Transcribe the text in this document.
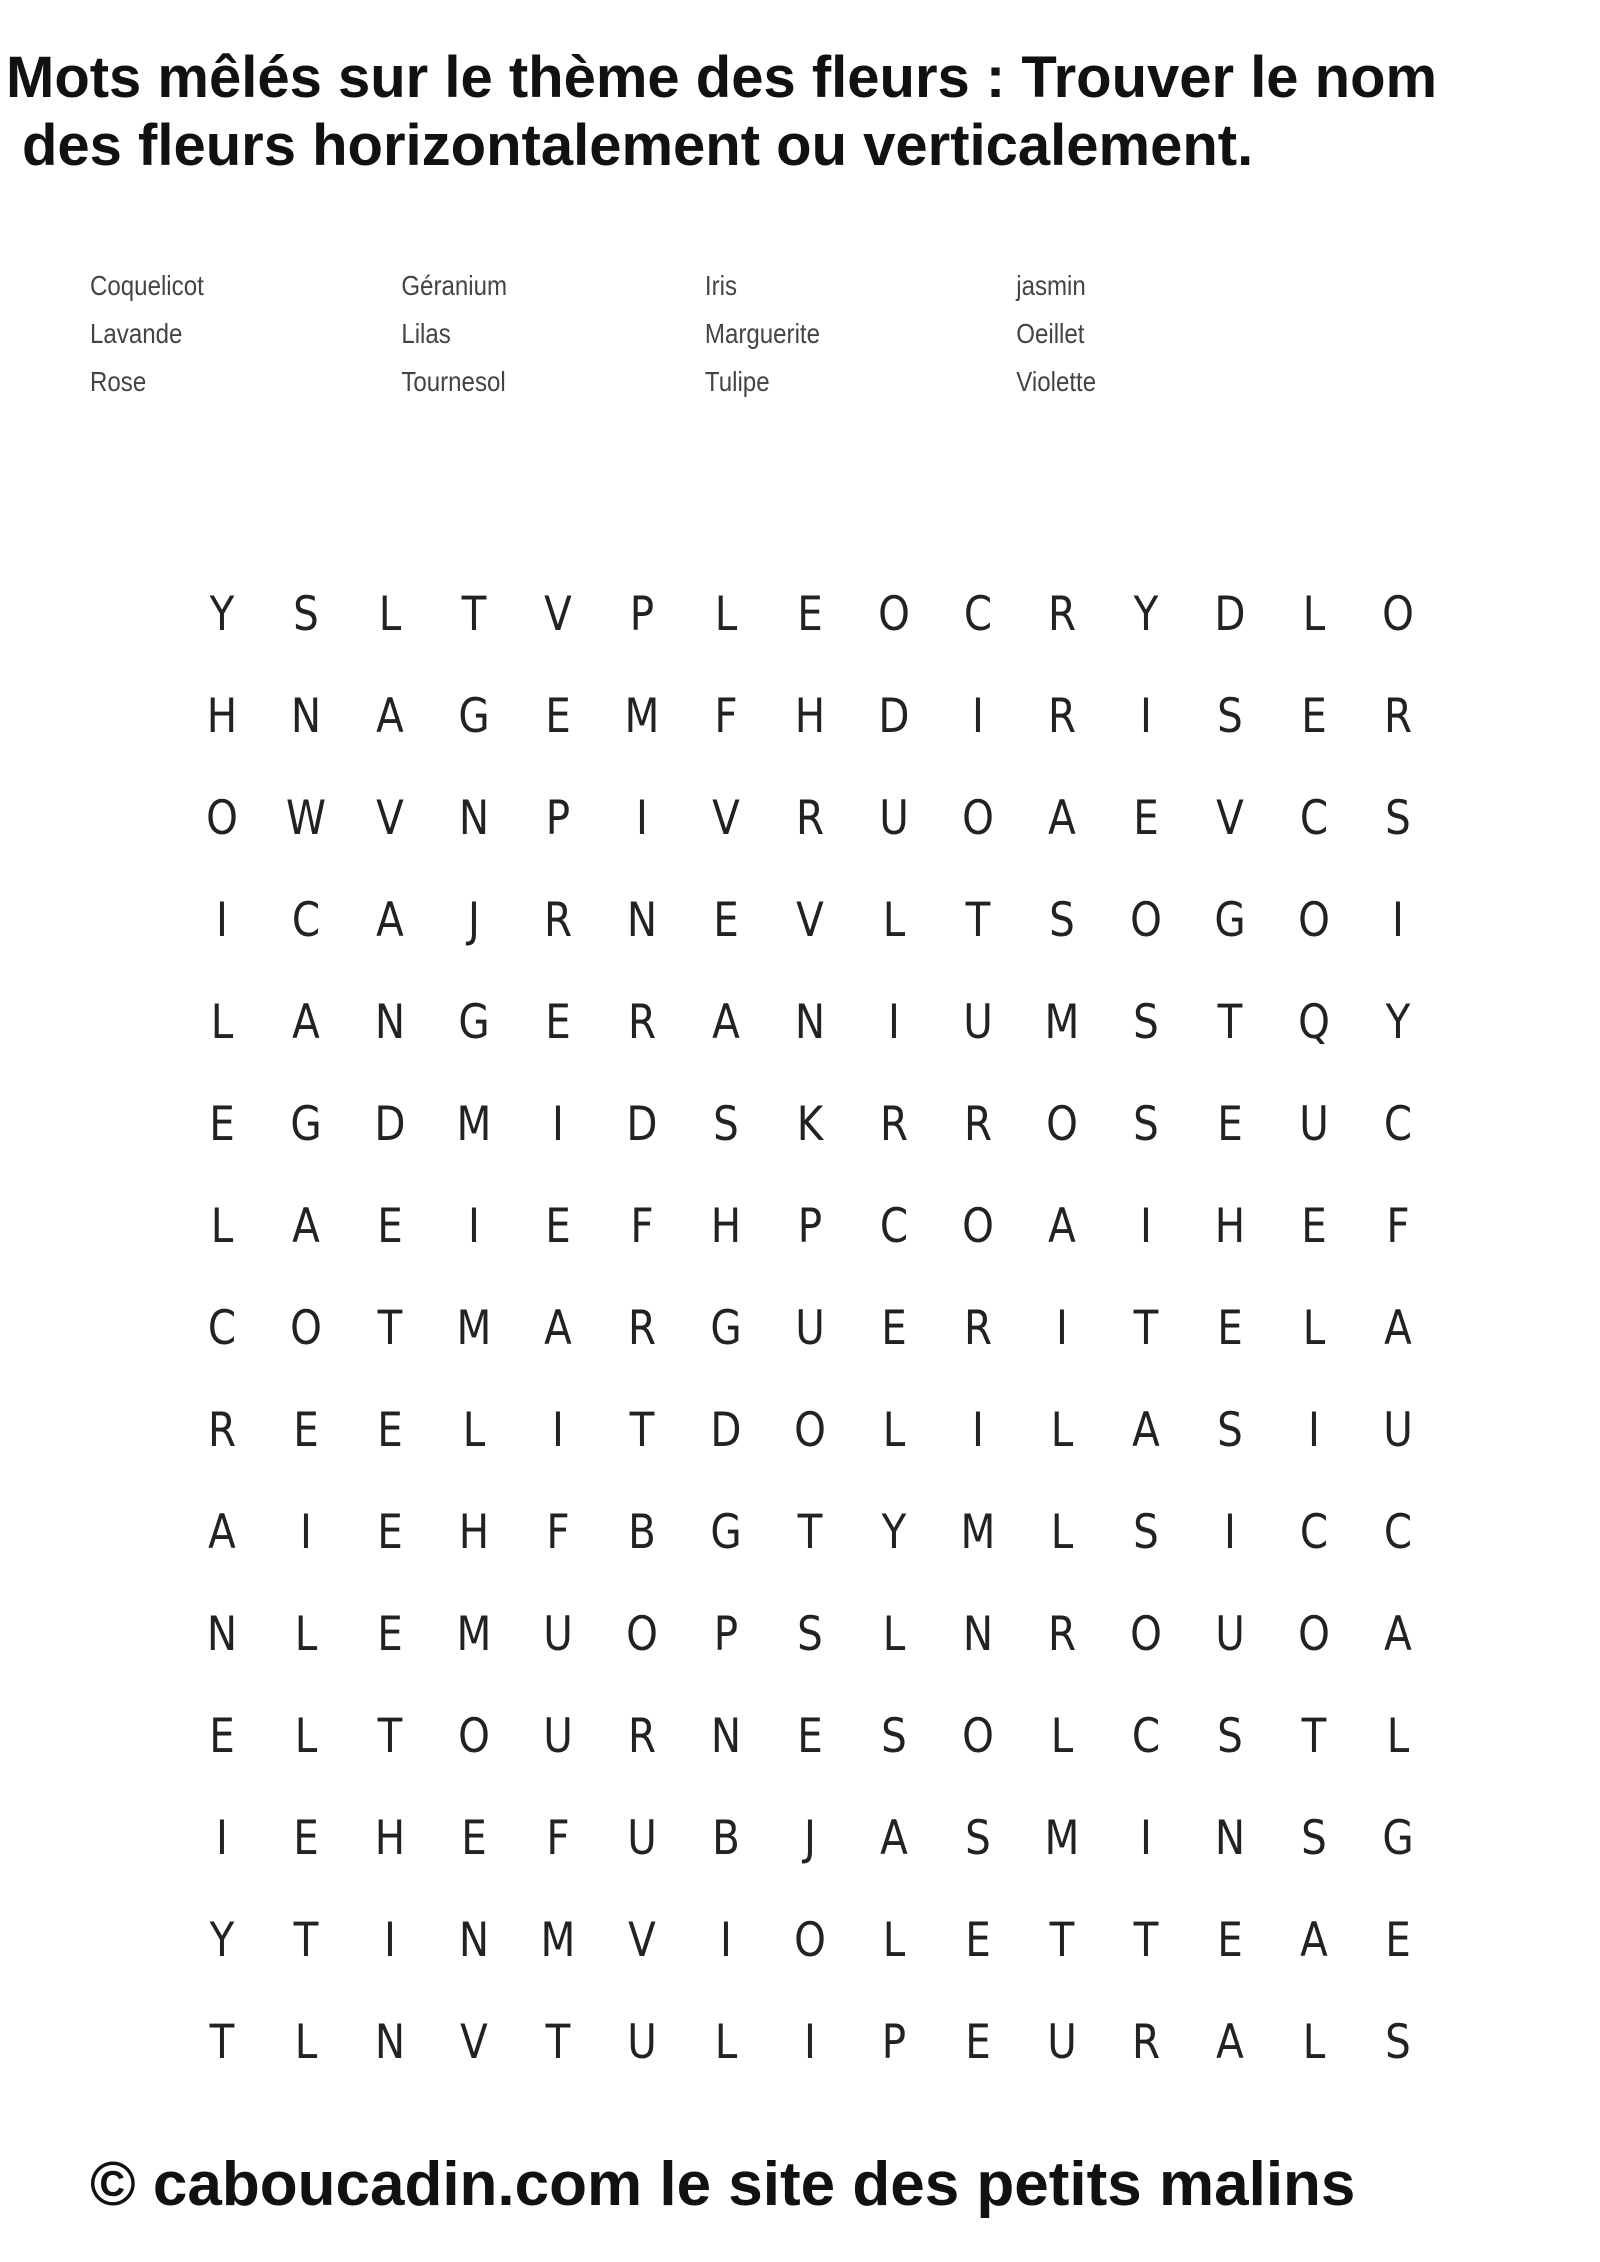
Mots mêlés sur le thème des fleurs : Trouver le nom
des fleurs horizontalement ou verticalement.
Coquelicot	Géranium	Iris	jasmin
Lavande	Lilas	Marguerite	Oeillet
Rose	Tournesol	Tulipe	Violette
Y	S	L	T	V	P	L	E	O	C	R	Y	D	L	O
H	N	A	G	E	M	F	H	D	I	R	I	S	E	R
O	W	V	N	P	I	V	R	U	O	A	E	V	C	S
I	C	A	J	R	N	E	V	L	T	S	O	G	O	I
L	A	N	G	E	R	A	N	I	U	M	S	T	Q	Y
E	G	D	M	I	D	S	K	R	R	O	S	E	U	C
L	A	E	I	E	F	H	P	C	O	A	I	H	E	F
C	O	T	M	A	R	G	U	E	R	I	T	E	L	A
R	E	E	L	I	T	D	O	L	I	L	A	S	I	U
A	I	E	H	F	B	G	T	Y	M	L	S	I	C	C
N	L	E	M	U	O	P	S	L	N	R	O	U	O	A
E	L	T	O	U	R	N	E	S	O	L	C	S	T	L
I	E	H	E	F	U	B	J	A	S	M	I	N	S	G
Y	T	I	N	M	V	I	O	L	E	T	T	E	A	E
T	L	N	V	T	U	L	I	P	E	U	R	A	L	S
© caboucadin.com le site des petits malins
